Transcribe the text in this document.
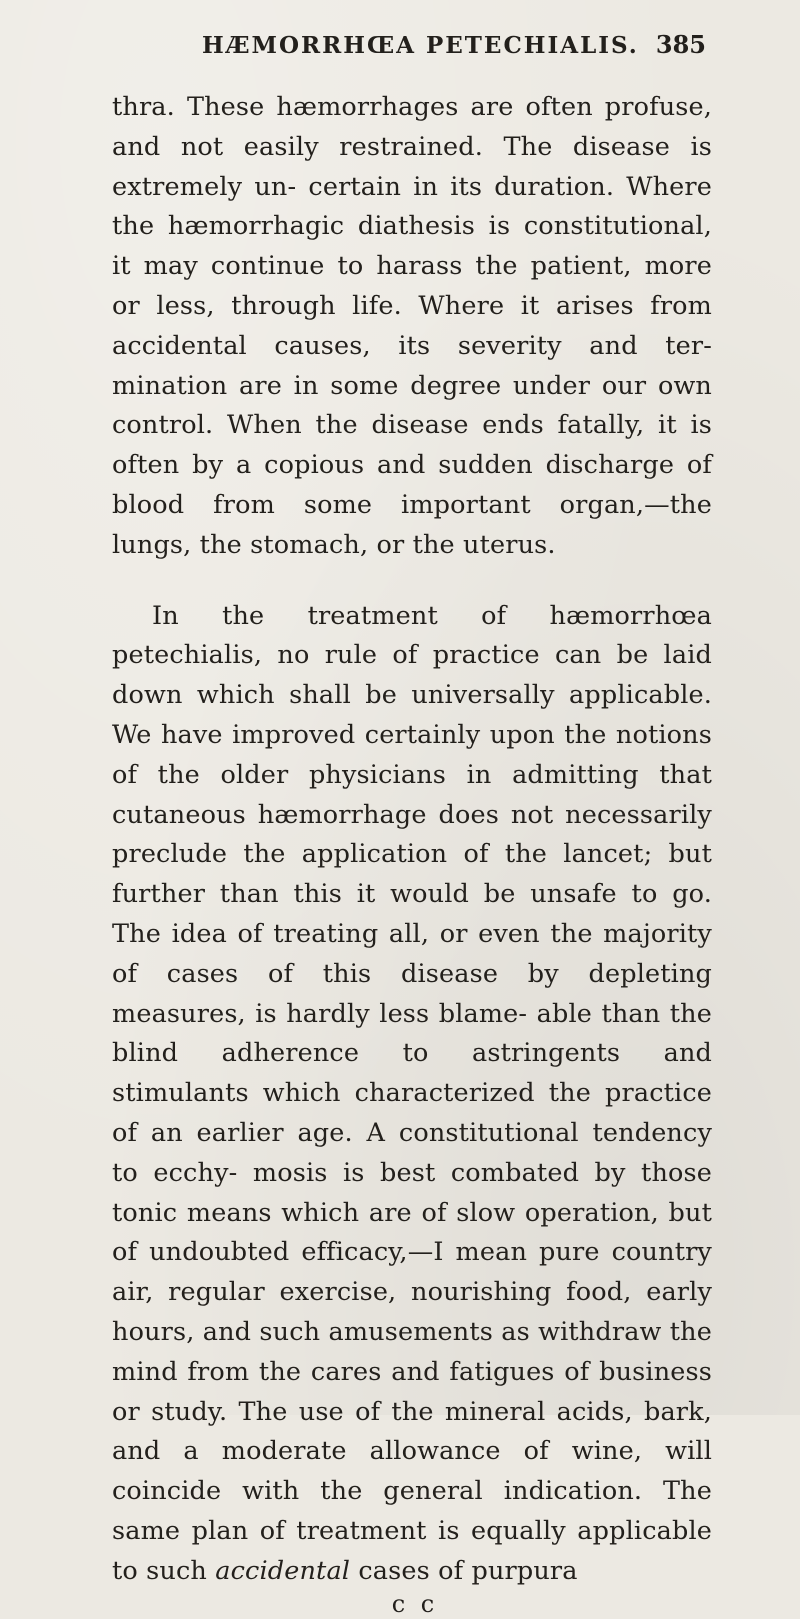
HÆMORRHŒA PETECHIALIS. 385

thra. These hæmorrhages are often profuse, and not easily restrained. The disease is extremely un- certain in its duration. Where the hæmorrhagic diathesis is constitutional, it may continue to harass the patient, more or less, through life. Where it arises from accidental causes, its severity and ter- mination are in some degree under our own control. When the disease ends fatally, it is often by a copious and sudden discharge of blood from some important organ,—the lungs, the stomach, or the uterus.

In the treatment of hæmorrhœa petechialis, no rule of practice can be laid down which shall be universally applicable. We have improved certainly upon the notions of the older physicians in admitting that cutaneous hæmorrhage does not necessarily preclude the application of the lancet; but further than this it would be unsafe to go. The idea of treating all, or even the majority of cases of this disease by depleting measures, is hardly less blame- able than the blind adherence to astringents and stimulants which characterized the practice of an earlier age. A constitutional tendency to ecchy- mosis is best combated by those tonic means which are of slow operation, but of undoubted efficacy,—I mean pure country air, regular exercise, nourishing food, early hours, and such amusements as withdraw the mind from the cares and fatigues of business or study. The use of the mineral acids, bark, and a moderate allowance of wine, will coincide with the general indication. The same plan of treatment is equally applicable to such accidental cases of purpura

c c
